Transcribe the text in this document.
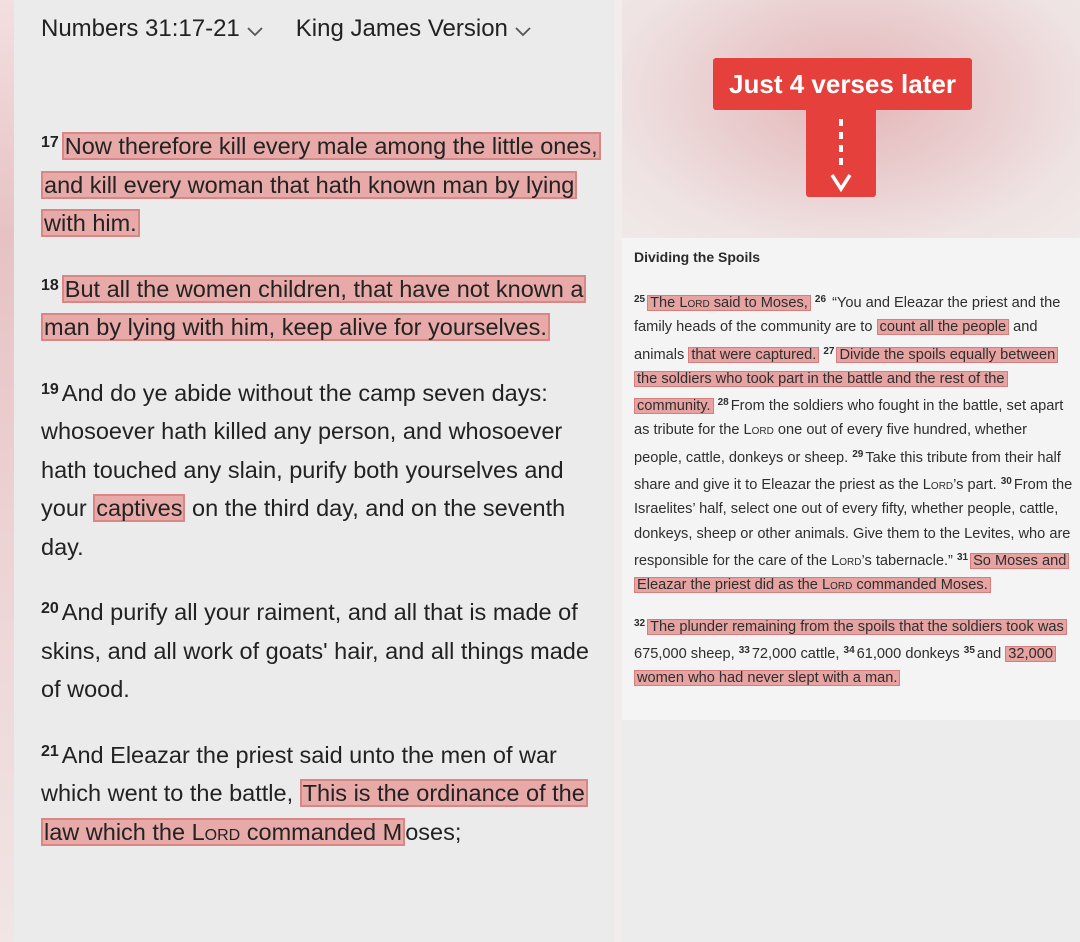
Numbers 31:17-21 King James Version

$^{17}$ Now therefore kill every male among the little ones, and kill every woman that hath known man by lying with him.

$^{18}$ But all the women children, that have not known a man by lying with him, keep alive for yourselves.

$^{19}$ And do ye abide without the camp seven days: whosoever hath killed any person, and whosoever hath touched any slain, purify both yourselves and your captives on the third day, and on the seventh day.

$^{20}$ And purify all your raiment, and all that is made of skins, and all work of goats' hair, and all things made of wood.

$^{21}$ And Eleazar the priest said unto the men of war which went to the battle, This is the ordinance of the law which the Lord commanded M oses;

Just 4 verses later
Dividing the Spoils

$^{25}$ The Lord said to Moses, $^{26}$ “You and Eleazar the priest and the family heads of the community are to count all the people and animals that were captured. $^{27}$ Divide the spoils equally between the soldiers who took part in the battle and the rest of the community. $^{28}$ From the soldiers who fought in the battle, set apart as tribute for the Lord one out of every five hundred, whether people, cattle, donkeys or sheep. $^{29}$ Take this tribute from their half share and give it to Eleazar the priest as the Lord’s part. $^{30}$ From the Israelites’ half, select one out of every fifty, whether people, cattle, donkeys, sheep or other animals. Give them to the Levites, who are responsible for the care of the Lord’s tabernacle.” $^{31}$ So Moses and Eleazar the priest did as the Lord commanded Moses.

$^{32}$ The plunder remaining from the spoils that the soldiers took was 675,000 sheep, $^{33}$ 72,000 cattle, $^{34}$ 61,000 donkeys $^{35}$ and 32,000 women who had never slept with a man.
